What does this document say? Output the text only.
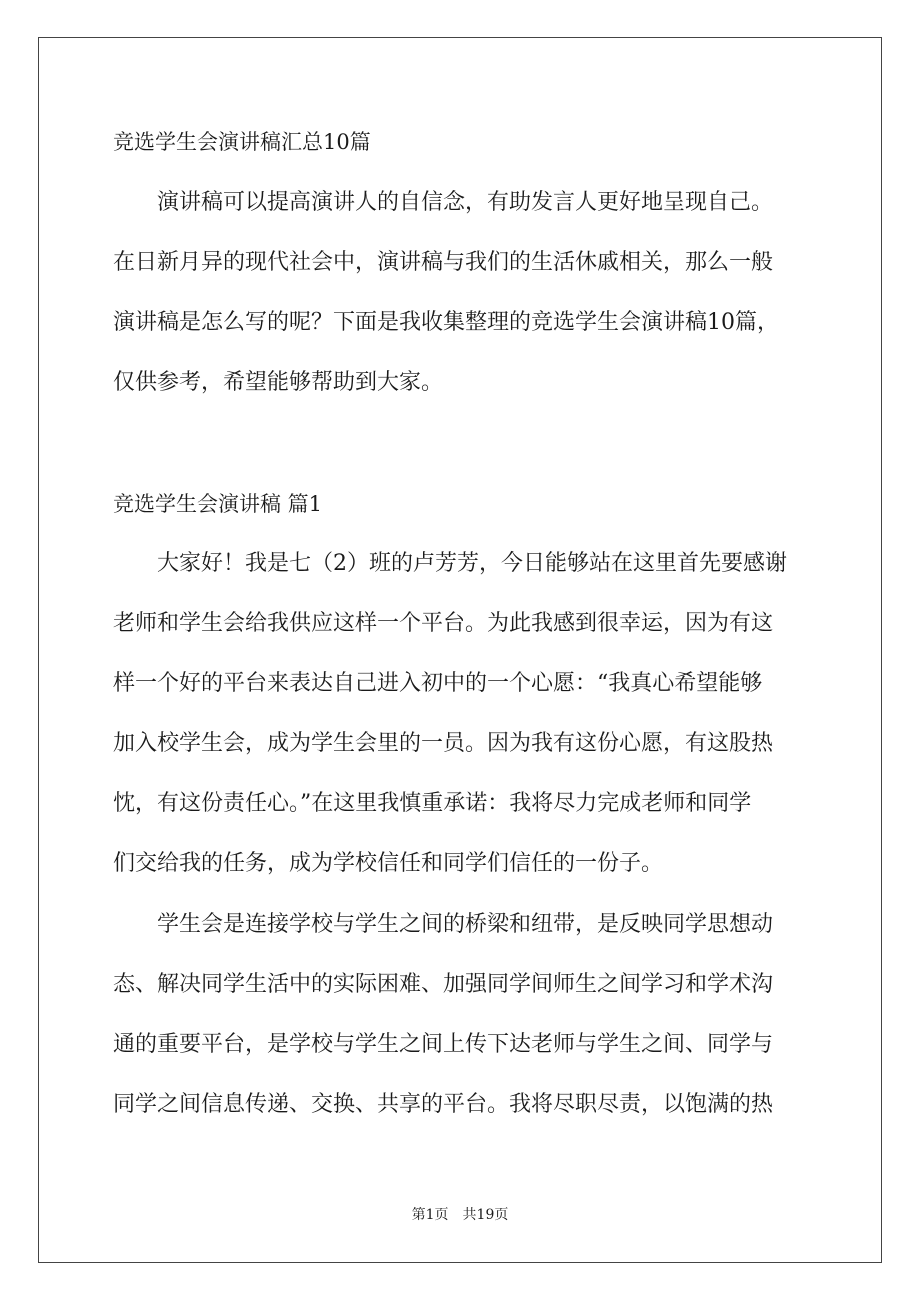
竞选学生会演讲稿汇总10篇
演讲稿可以提高演讲人的自信念，有助发言人更好地呈现自己。
在日新月异的现代社会中，演讲稿与我们的生活休戚相关，那么一般
演讲稿是怎么写的呢？下面是我收集整理的竞选学生会演讲稿10篇，
仅供参考，希望能够帮助到大家。
竞选学生会演讲稿 篇1
大家好！我是七（2）班的卢芳芳，今日能够站在这里首先要感谢
老师和学生会给我供应这样一个平台。为此我感到很幸运，因为有这
样一个好的平台来表达自己进入初中的一个心愿：“我真心希望能够
加入校学生会，成为学生会里的一员。因为我有这份心愿，有这股热
忱，有这份责任心。”在这里我慎重承诺：我将尽力完成老师和同学
们交给我的任务，成为学校信任和同学们信任的一份子。
学生会是连接学校与学生之间的桥梁和纽带，是反映同学思想动
态、解决同学生活中的实际困难、加强同学间师生之间学习和学术沟
通的重要平台，是学校与学生之间上传下达老师与学生之间、同学与
同学之间信息传递、交换、共享的平台。我将尽职尽责，以饱满的热
第1页　共19页
